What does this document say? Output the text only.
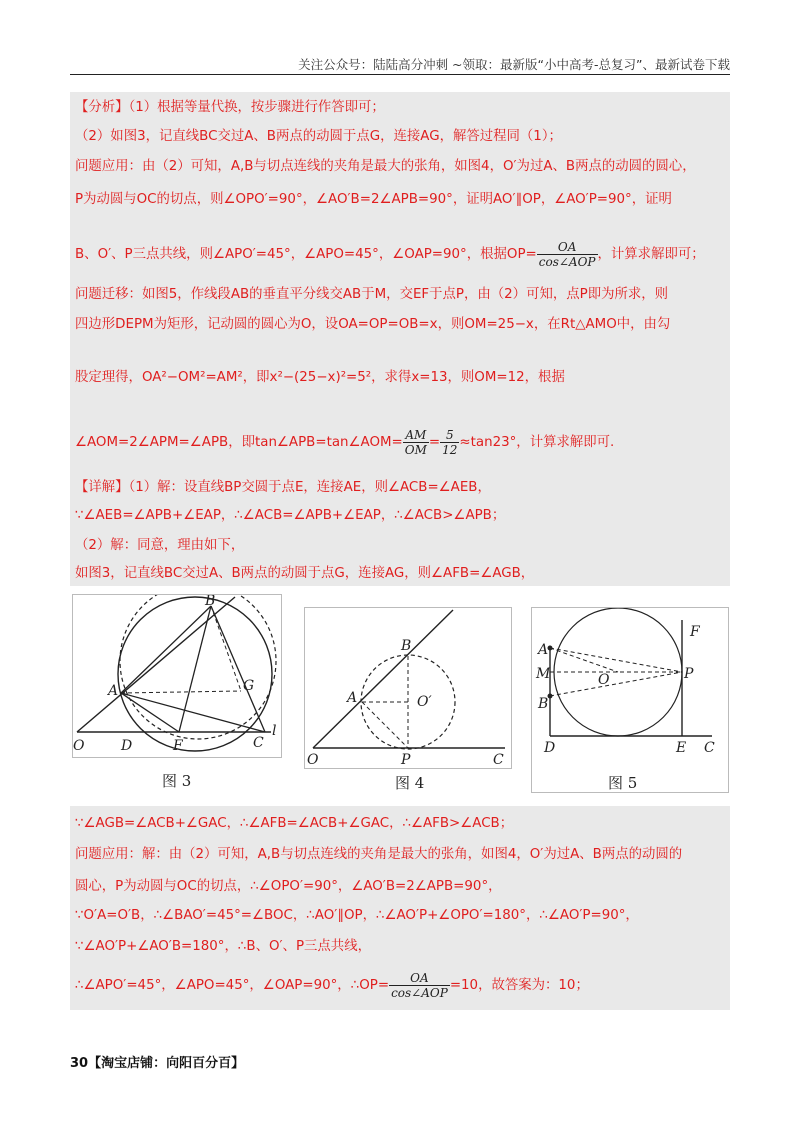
关注公众号：陆陆高分冲刺 ~领取：最新版“小中高考-总复习”、最新试卷下载
【分析】（1）根据等量代换，按步骤进行作答即可；
（2）如图3，记直线BC交过A、B两点的动圆于点G，连接AG，解答过程同（1）；
问题应用：由（2）可知，A,B与切点连线的夹角是最大的张角，如图4，O′为过A、B两点的动圆的圆心，
P为动圆与OC的切点，则∠OPO′=90°，∠AO′B=2∠APB=90°，证明AO′∥OP，∠AO′P=90°，证明
B、O′、P三点共线，则∠APO′=45°，∠APO=45°，∠OAP=90°，根据$OP= \frac{OA}{\text{cos∠AOP}}$ ，计算求解即可；
问题迁移：如图5，作线段AB的垂直平分线交AB于M，交EF于点P，由（2）可知，点P即为所求，则
四边形DEPM为矩形，记动圆的圆心为O，设OA=OP=OB=x，则OM=25−x，在Rt△AMO中，由勾
股定理得，OA²−OM²=AM²，即x²−(25−x)²=5²，求得x=13，则OM=12，根据
∠AOM=2∠APM=∠APB，即tan∠APB=tan∠AOM= $\frac{AM}{OM} = \frac{5}{12} \approx\tan 23^\circ$，计算求解即可.
【详解】（1）解：设直线BP交圆于点E，连接AE，则∠ACB=∠AEB，
∵∠AEB=∠APB+∠EAP，∴∠ACB=∠APB+∠EAP，∴∠ACB>∠APB；
（2）解：同意，理由如下，
如图3，记直线BC交过A、B两点的动圆于点G，连接AG，则∠AFB=∠AGB，
B
A	G
O	D	F	C
l
图 3
B
A	O′
O	P	C
图 4
A
M	O
B
P
F
D	E C
图 5
∵∠AGB=∠ACB+∠GAC，∴∠AFB=∠ACB+∠GAC，∴∠AFB>∠ACB；
问题应用：解：由（2）可知，A,B与切点连线的夹角是最大的张角，如图4，O′为过A、B两点的动圆的
圆心，P为动圆与OC的切点，∴∠OPO′=90°，∠AO′B=2∠APB=90°，
∵O′A=O′B，∴∠BAO′=45°=∠BOC，∴AO′∥OP，∴∠AO′P+∠OPO′=180°，∴∠AO′P=90°，
∵∠AO′P+∠AO′B=180°，∴B、O′、P三点共线，
∴∠APO′=45°，∠APO=45°，∠OAP=90°，∴OP= $\frac{OA}{\text{cos∠AOP}} =10$，故答案为：10；
30【淘宝店铺：向阳百分百】
